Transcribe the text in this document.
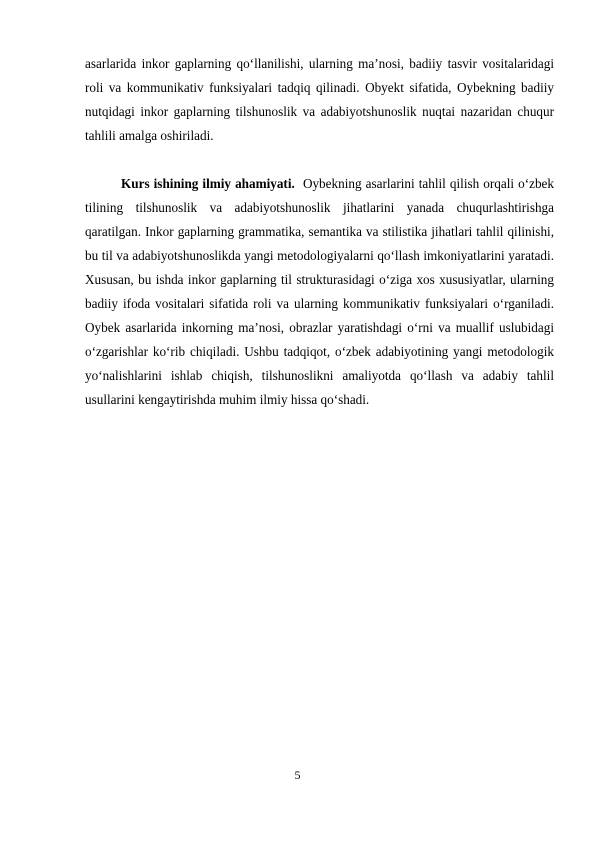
asarlarida inkor gaplarning qo‘llanilishi, ularning ma’nosi, badiiy tasvir vositalaridagi roli va kommunikativ funksiyalari tadqiq qilinadi. Obyekt sifatida, Oybekning badiiy nutqidagi inkor gaplarning tilshunoslik va adabiyotshunoslik nuqtai nazaridan chuqur tahlili amalga oshiriladi.

Kurs ishining ilmiy ahamiyati. Oybekning asarlarini tahlil qilish orqali o‘zbek tilining tilshunoslik va adabiyotshunoslik jihatlarini yanada chuqurlashtirishga qaratilgan. Inkor gaplarning grammatika, semantika va stilistika jihatlari tahlil qilinishi, bu til va adabiyotshunoslikda yangi metodologiyalarni qo‘llash imkoniyatlarini yaratadi. Xususan, bu ishda inkor gaplarning til strukturasidagi o‘ziga xos xususiyatlar, ularning badiiy ifoda vositalari sifatida roli va ularning kommunikativ funksiyalari o‘rganiladi. Oybek asarlarida inkorning ma’nosi, obrazlar yaratishdagi o‘rni va muallif uslubidagi o‘zgarishlar ko‘rib chiqiladi. Ushbu tadqiqot, o‘zbek adabiyotining yangi metodologik yo‘nalishlarini ishlab chiqish, tilshunoslikni amaliyotda qo‘llash va adabiy tahlil usullarini kengaytirishda muhim ilmiy hissa qo‘shadi.

5
